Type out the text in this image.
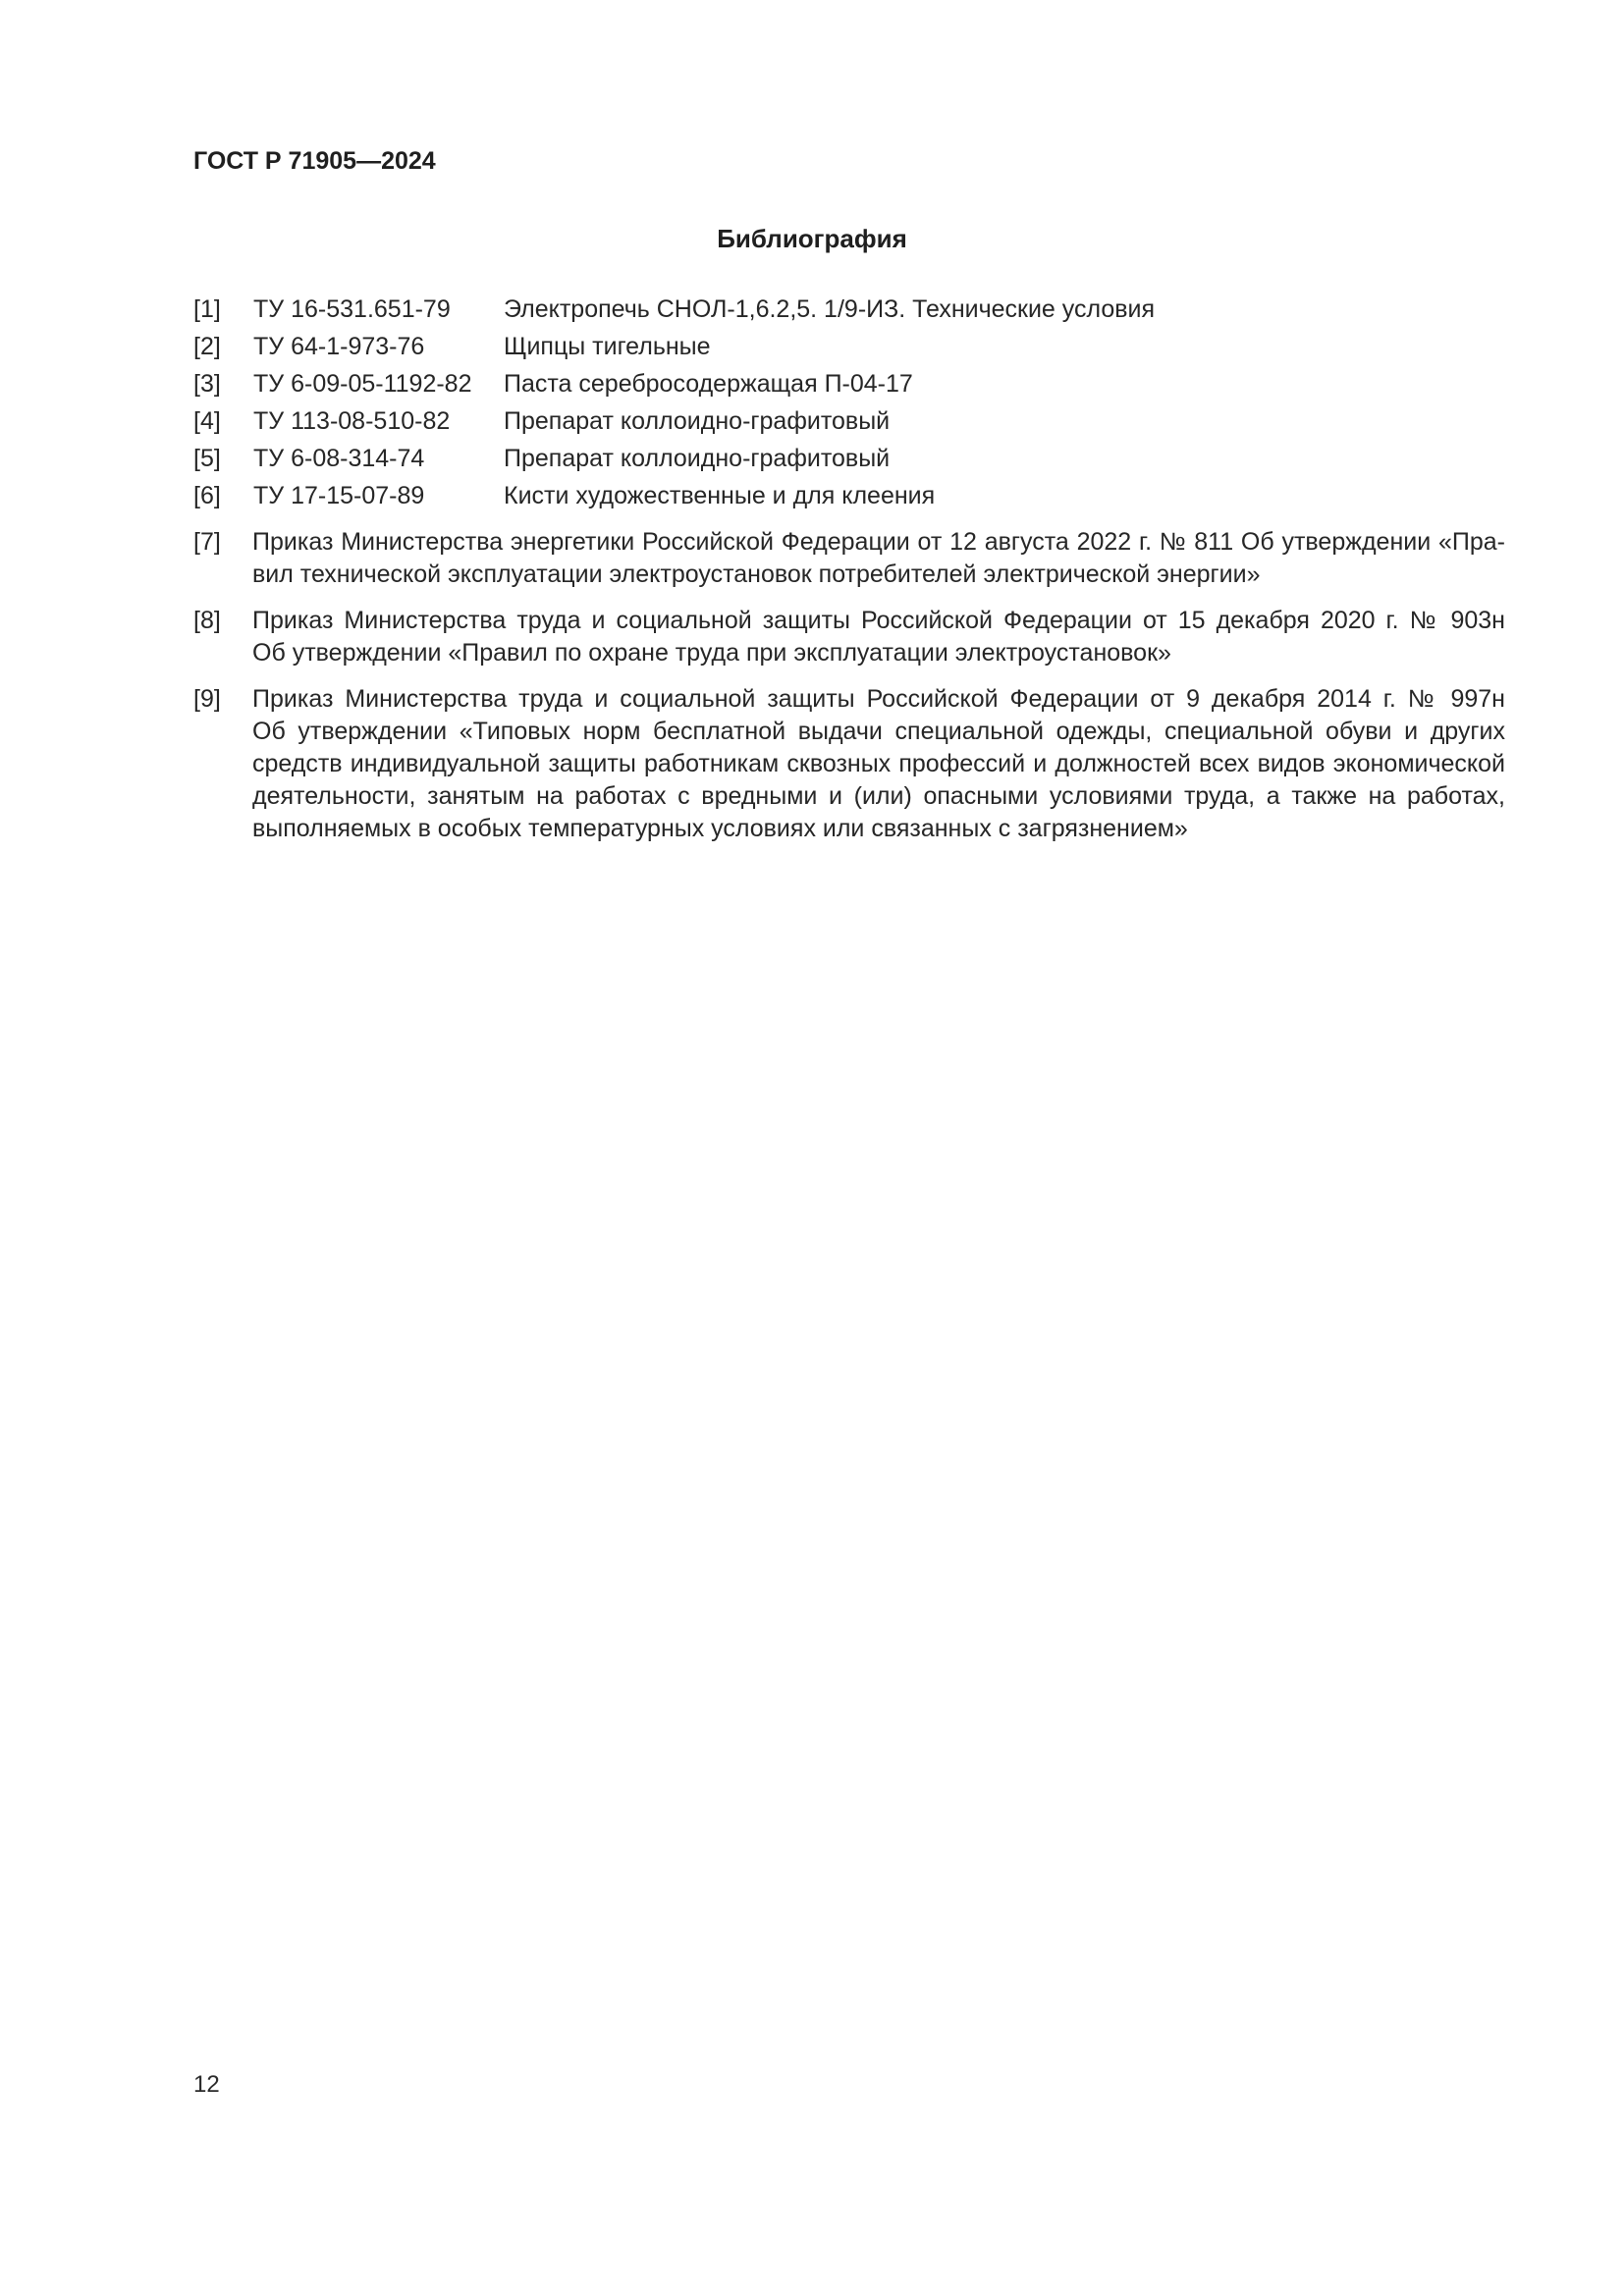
ГОСТ Р 71905—2024
Библиография
[1]	ТУ 16-531.651-79	Электропечь СНОЛ-1,6.2,5. 1/9-ИЗ. Технические условия
[2]	ТУ 64-1-973-76	Щипцы тигельные
[3]	ТУ 6-09-05-1192-82	Паста серебросодержащая П-04-17
[4]	ТУ 113-08-510-82	Препарат коллоидно-графитовый
[5]	ТУ 6-08-314-74	Препарат коллоидно-графитовый
[6]	ТУ 17-15-07-89	Кисти художественные и для клеения
[7] Приказ Министерства энергетики Российской Федерации от 12 августа 2022 г. № 811 Об утверждении «Пра-
вил технической эксплуатации электроустановок потребителей электрической энергии»
[8] Приказ Министерства труда и социальной защиты Российской Федерации от 15 декабря 2020 г. № 903н
Об утверждении «Правил по охране труда при эксплуатации электроустановок»
[9] Приказ Министерства труда и социальной защиты Российской Федерации от 9 декабря 2014 г. № 997н
Об утверждении «Типовых норм бесплатной выдачи специальной одежды, специальной обуви и других
средств индивидуальной защиты работникам сквозных профессий и должностей всех видов экономической
деятельности, занятым на работах с вредными и (или) опасными условиями труда, а также на работах,
выполняемых в особых температурных условиях или связанных с загрязнением»
12
